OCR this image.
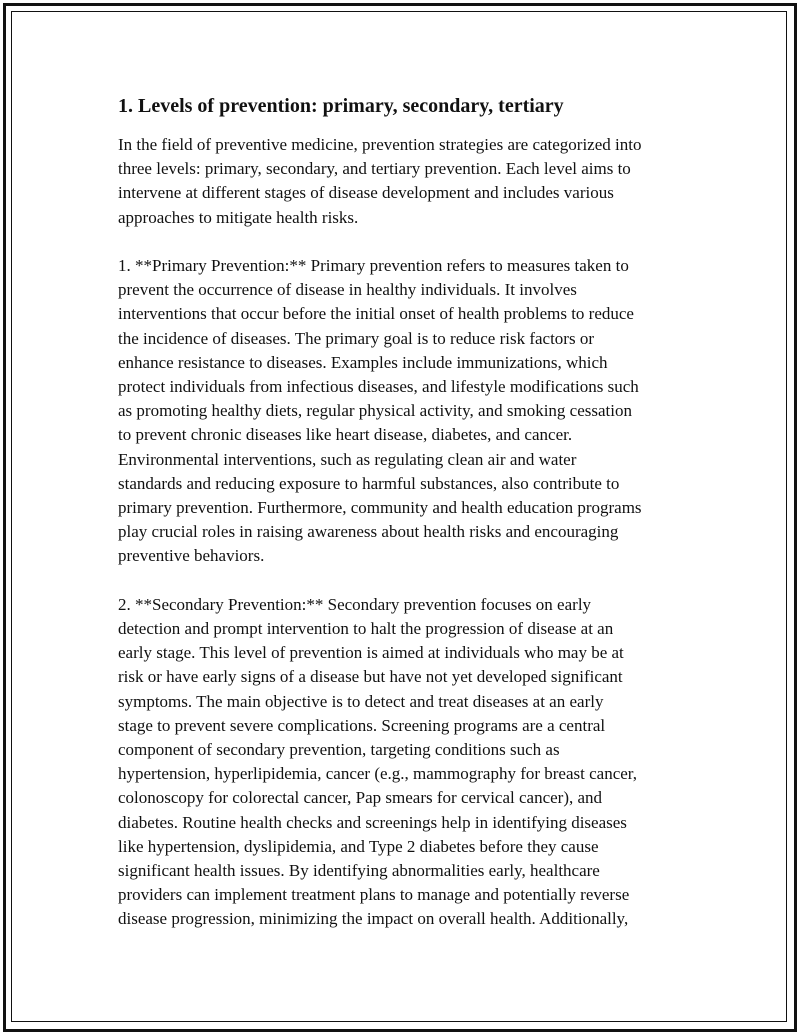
1. Levels of prevention: primary, secondary, tertiary

In the field of preventive medicine, prevention strategies are categorized into
three levels: primary, secondary, and tertiary prevention. Each level aims to
intervene at different stages of disease development and includes various
approaches to mitigate health risks.

1. **Primary Prevention:** Primary prevention refers to measures taken to
prevent the occurrence of disease in healthy individuals. It involves
interventions that occur before the initial onset of health problems to reduce
the incidence of diseases. The primary goal is to reduce risk factors or
enhance resistance to diseases. Examples include immunizations, which
protect individuals from infectious diseases, and lifestyle modifications such
as promoting healthy diets, regular physical activity, and smoking cessation
to prevent chronic diseases like heart disease, diabetes, and cancer.
Environmental interventions, such as regulating clean air and water
standards and reducing exposure to harmful substances, also contribute to
primary prevention. Furthermore, community and health education programs
play crucial roles in raising awareness about health risks and encouraging
preventive behaviors.

2. **Secondary Prevention:** Secondary prevention focuses on early
detection and prompt intervention to halt the progression of disease at an
early stage. This level of prevention is aimed at individuals who may be at
risk or have early signs of a disease but have not yet developed significant
symptoms. The main objective is to detect and treat diseases at an early
stage to prevent severe complications. Screening programs are a central
component of secondary prevention, targeting conditions such as
hypertension, hyperlipidemia, cancer (e.g., mammography for breast cancer,
colonoscopy for colorectal cancer, Pap smears for cervical cancer), and
diabetes. Routine health checks and screenings help in identifying diseases
like hypertension, dyslipidemia, and Type 2 diabetes before they cause
significant health issues. By identifying abnormalities early, healthcare
providers can implement treatment plans to manage and potentially reverse
disease progression, minimizing the impact on overall health. Additionally,
